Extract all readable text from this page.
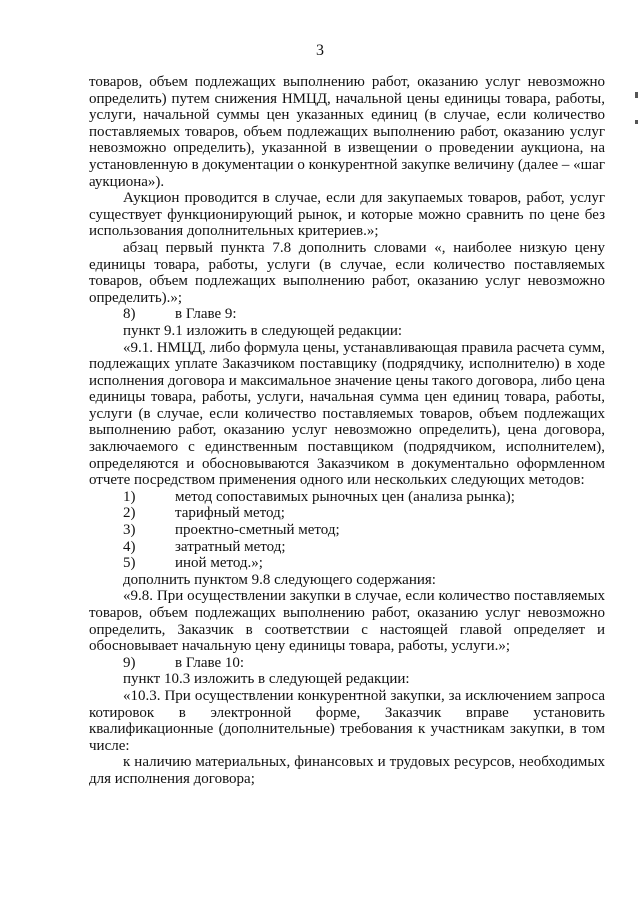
3

товаров, объем подлежащих выполнению работ, оказанию услуг невозможно определить) путем снижения НМЦД, начальной цены единицы товара, работы, услуги, начальной суммы цен указанных единиц (в случае, если количество поставляемых товаров, объем подлежащих выполнению работ, оказанию услуг невозможно определить), указанной в извещении о проведении аукциона, на установленную в документации о конкурентной закупке величину (далее – «шаг аукциона»).

Аукцион проводится в случае, если для закупаемых товаров, работ, услуг существует функционирующий рынок, и которые можно сравнить по цене без использования дополнительных критериев.»;

абзац первый пункта 7.8 дополнить словами «, наиболее низкую цену единицы товара, работы, услуги (в случае, если количество поставляемых товаров, объем подлежащих выполнению работ, оказанию услуг невозможно определить).»;

8)	в Главе 9:

пункт 9.1 изложить в следующей редакции:

«9.1. НМЦД, либо формула цены, устанавливающая правила расчета сумм, подлежащих уплате Заказчиком поставщику (подрядчику, исполнителю) в ходе исполнения договора и максимальное значение цены такого договора, либо цена единицы товара, работы, услуги, начальная сумма цен единиц товара, работы, услуги (в случае, если количество поставляемых товаров, объем подлежащих выполнению работ, оказанию услуг невозможно определить), цена договора, заключаемого с единственным поставщиком (подрядчиком, исполнителем), определяются и обосновываются Заказчиком в документально оформленном отчете посредством применения одного или нескольких следующих методов:

1)	метод сопоставимых рыночных цен (анализа рынка);
2)	тарифный метод;
3)	проектно-сметный метод;
4)	затратный метод;
5)	иной метод.»;

дополнить пунктом 9.8 следующего содержания:

«9.8. При осуществлении закупки в случае, если количество поставляемых товаров, объем подлежащих выполнению работ, оказанию услуг невозможно определить, Заказчик в соответствии с настоящей главой определяет и обосновывает начальную цену единицы товара, работы, услуги.»;

9)	в Главе 10:

пункт 10.3 изложить в следующей редакции:

«10.3. При осуществлении конкурентной закупки, за исключением запроса котировок в электронной форме, Заказчик вправе установить квалификационные (дополнительные) требования к участникам закупки, в том числе:

к наличию материальных, финансовых и трудовых ресурсов, необходимых для исполнения договора;
